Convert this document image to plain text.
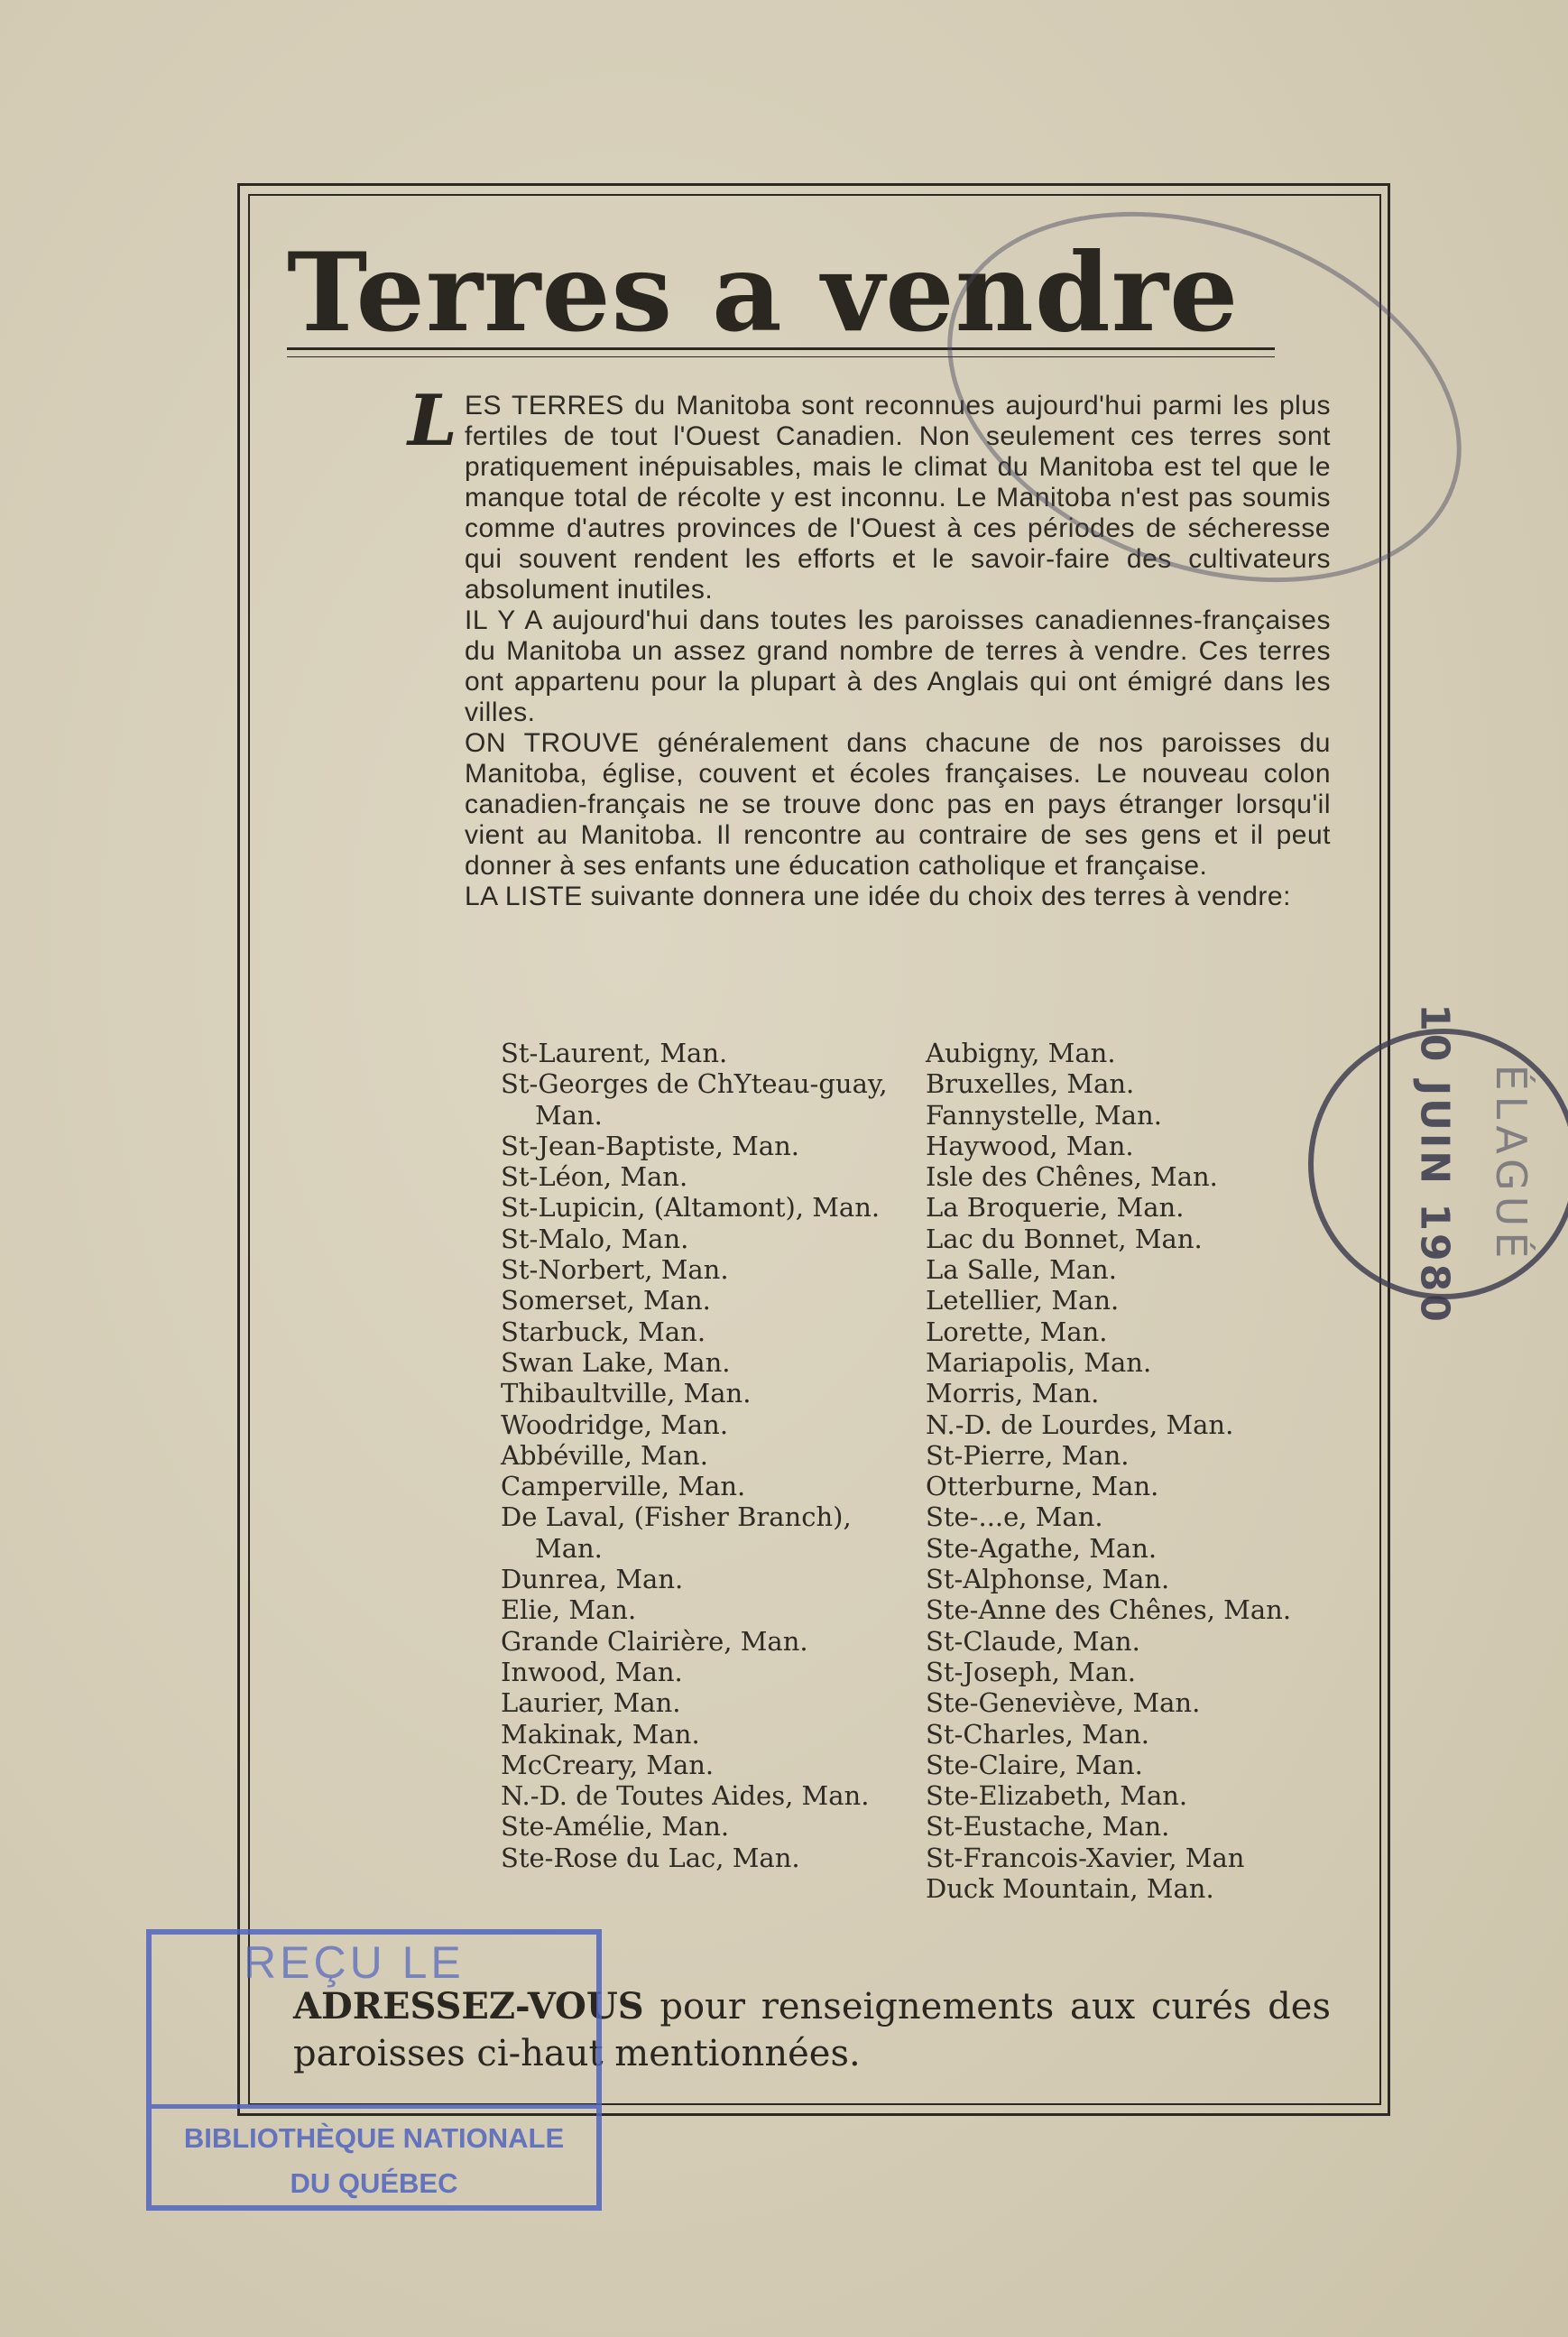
Terres a vendre
L ES TERRES du Manitoba sont reconnues aujourd'hui parmi les plus fertiles de tout l'Ouest Canadien. Non seulement ces terres sont pratiquement inépuisables, mais le climat du Manitoba est tel que le manque total de récolte y est inconnu. Le Manitoba n'est pas soumis comme d'autres provinces de l'Ouest à ces périodes de sécheresse qui souvent rendent les efforts et le savoir-faire des cultivateurs absolument inutiles.

IL Y A aujourd'hui dans toutes les paroisses canadiennes-françaises du Manitoba un assez grand nombre de terres à vendre. Ces terres ont appartenu pour la plupart à des Anglais qui ont émigré dans les villes.

ON TROUVE généralement dans chacune de nos paroisses du Manitoba, église, couvent et écoles françaises. Le nouveau colon canadien-français ne se trouve donc pas en pays étranger lorsqu'il vient au Manitoba. Il rencontre au contraire de ses gens et il peut donner à ses enfants une éducation catholique et française.

LA LISTE suivante donnera une idée du choix des terres à vendre:

St-Laurent, Man.
St-Georges de ChYteau-guay, Man.
St-Jean-Baptiste, Man.
St-Léon, Man.
St-Lupicin, (Altamont), Man.
St-Malo, Man.
St-Norbert, Man.
Somerset, Man.
Starbuck, Man.
Swan Lake, Man.
Thibaultville, Man.
Woodridge, Man.
Abbéville, Man.
Camperville, Man.
De Laval, (Fisher Branch), Man.
Dunrea, Man.
Elie, Man.
Grande Clairière, Man.
Inwood, Man.
Laurier, Man.
Makinak, Man.
McCreary, Man.
N.-D. de Toutes Aides, Man.
Ste-Amélie, Man.
Ste-Rose du Lac, Man.
Aubigny, Man.
Bruxelles, Man.
Fannystelle, Man.
Haywood, Man.
Isle des Chênes, Man.
La Broquerie, Man.
Lac du Bonnet, Man.
La Salle, Man.
Letellier, Man.
Lorette, Man.
Mariapolis, Man.
Morris, Man.
N.-D. de Lourdes, Man.
St-Pierre, Man.
Otterburne, Man.
Ste-...e, Man.
Ste-Agathe, Man.
St-Alphonse, Man.
Ste-Anne des Chênes, Man.
St-Claude, Man.
St-Joseph, Man.
Ste-Geneviève, Man.
St-Charles, Man.
Ste-Claire, Man.
Ste-Elizabeth, Man.
St-Eustache, Man.
St-Francois-Xavier, Man
Duck Mountain, Man.
ADRESSEZ-VOUS pour renseignements aux curés des paroisses ci-haut mentionnées.
10 JUIN 1980 ÉLAGUÉ
REÇU LE
BIBLIOTHÈQUE NATIONALE
DU QUÉBEC
